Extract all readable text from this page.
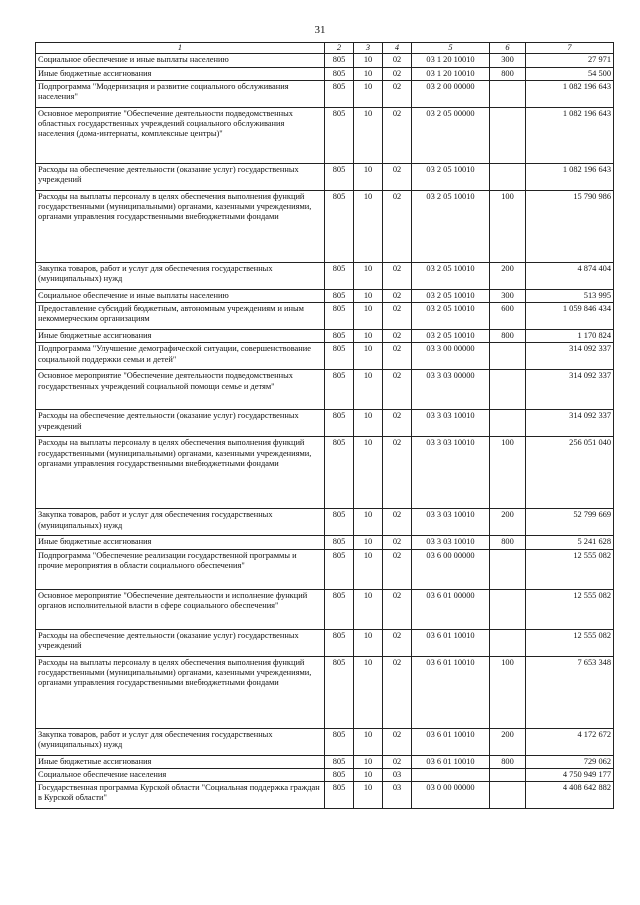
31
1	2	3	4	5	6	7
Социальное обеспечение и иные выплаты населению	805	10	02	03 1 20 10010	300	27 971
Иные бюджетные ассигнования	805	10	02	03 1 20 10010	800	54 500
Подпрограмма "Модернизация и развитие социального обслуживания населения"	805	10	02	03 2 00 00000		1 082 196 643
Основное мероприятие "Обеспечение деятельности подведомственных областных государственных учреждений социального обслуживания населения (дома-интернаты, комплексные центры)"	805	10	02	03 2 05 00000		1 082 196 643
Расходы на обеспечение деятельности (оказание услуг) государственных учреждений	805	10	02	03 2 05 10010		1 082 196 643
Расходы на выплаты персоналу в целях обеспечения выполнения функций государственными (муниципальными) органами, казенными учреждениями, органами управления государственными внебюджетными фондами	805	10	02	03 2 05 10010	100	15 790 986
Закупка товаров, работ и услуг для обеспечения государственных (муниципальных) нужд	805	10	02	03 2 05 10010	200	4 874 404
Социальное обеспечение и иные выплаты населению	805	10	02	03 2 05 10010	300	513 995
Предоставление субсидий бюджетным, автономным учреждениям и иным некоммерческим организациям	805	10	02	03 2 05 10010	600	1 059 846 434
Иные бюджетные ассигнования	805	10	02	03 2 05 10010	800	1 170 824
Подпрограмма "Улучшение демографической ситуации, совершенствование социальной поддержки семьи и детей"	805	10	02	03 3 00 00000		314 092 337
Основное мероприятие "Обеспечение деятельности подведомственных государственных учреждений социальной помощи семье и детям"	805	10	02	03 3 03 00000		314 092 337
Расходы на обеспечение деятельности (оказание услуг) государственных учреждений	805	10	02	03 3 03 10010		314 092 337
Расходы на выплаты персоналу в целях обеспечения выполнения функций государственными (муниципальными) органами, казенными учреждениями, органами управления государственными внебюджетными фондами	805	10	02	03 3 03 10010	100	256 051 040
Закупка товаров, работ и услуг для обеспечения государственных (муниципальных) нужд	805	10	02	03 3 03 10010	200	52 799 669
Иные бюджетные ассигнования	805	10	02	03 3 03 10010	800	5 241 628
Подпрограмма "Обеспечение реализации государственной программы и прочие мероприятия в области социального обеспечения"	805	10	02	03 6 00 00000		12 555 082
Основное мероприятие "Обеспечение деятельности и исполнение функций органов исполнительной власти в сфере социального обеспечения"	805	10	02	03 6 01 00000		12 555 082
Расходы на обеспечение деятельности (оказание услуг) государственных учреждений	805	10	02	03 6 01 10010		12 555 082
Расходы на выплаты персоналу в целях обеспечения выполнения функций государственными (муниципальными) органами, казенными учреждениями, органами управления государственными внебюджетными фондами	805	10	02	03 6 01 10010	100	7 653 348
Закупка товаров, работ и услуг для обеспечения государственных (муниципальных) нужд	805	10	02	03 6 01 10010	200	4 172 672
Иные бюджетные ассигнования	805	10	02	03 6 01 10010	800	729 062
Социальное обеспечение населения	805	10	03			4 750 949 177
Государственная программа Курской области "Социальная поддержка граждан в Курской области"	805	10	03	03 0 00 00000		4 408 642 882
